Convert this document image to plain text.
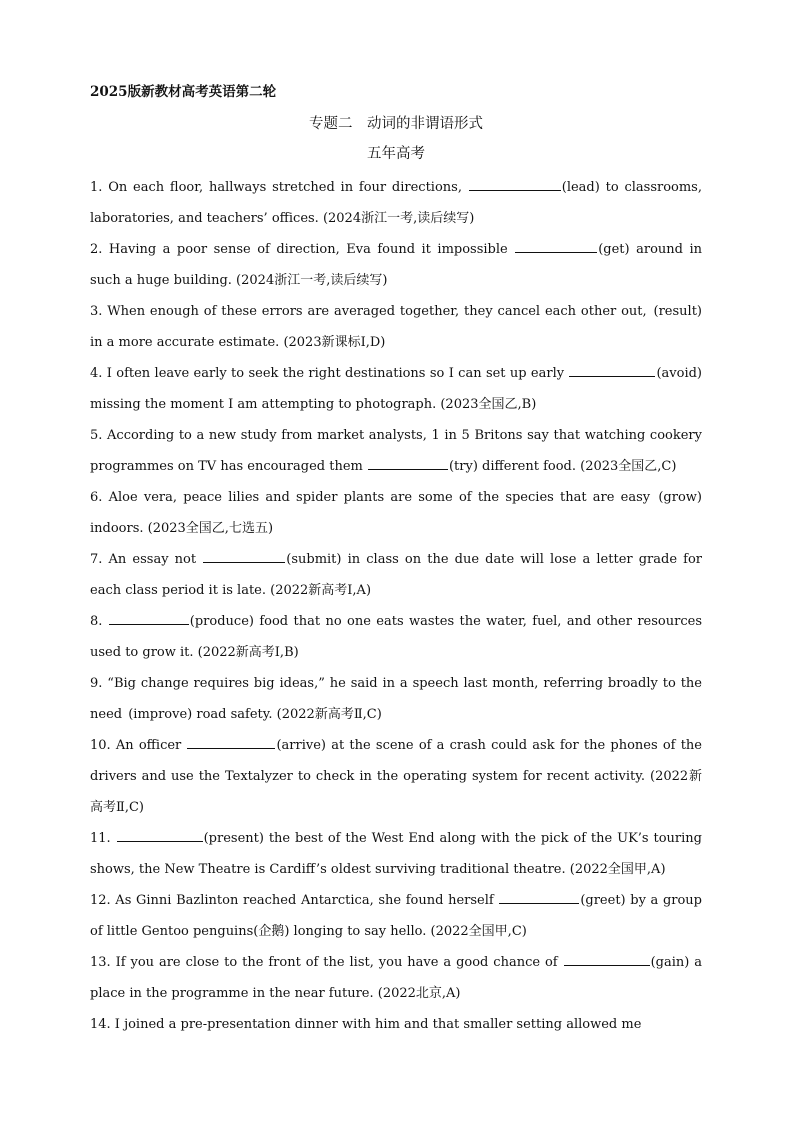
2025版新教材高考英语第二轮

专题二　动词的非谓语形式

五年高考

1. On each floor, hallways stretched in four directions,	(lead) to classrooms, laboratories, and teachers’ offices. (2024浙江一考,读后续写)

2. Having a poor sense of direction, Eva found it impossible	(get) around in such a huge building. (2024浙江一考,读后续写)

3. When enough of these errors are averaged together, they cancel each other out, (result) in a more accurate estimate. (2023新课标Ⅰ,D)

4. I often leave early to seek the right destinations so I can set up early	(avoid) missing the moment I am attempting to photograph. (2023全国乙,B)

5. According to a new study from market analysts, 1 in 5 Britons say that watching cookery programmes on TV has encouraged them	(try) different food. (2023全国乙,C)

6. Aloe vera, peace lilies and spider plants are some of the species that are easy (grow) indoors. (2023全国乙,七选五)

7. An essay not	(submit) in class on the due date will lose a letter grade for each class period it is late. (2022新高考Ⅰ,A)

8.	(produce) food that no one eats wastes the water, fuel, and other resources used to grow it. (2022新高考Ⅰ,B)

9. “Big change requires big ideas,” he said in a speech last month, referring broadly to the need (improve) road safety. (2022新高考Ⅱ,C)

10. An officer	(arrive) at the scene of a crash could ask for the phones of the drivers and use the Textalyzer to check in the operating system for recent activity. (2022新高考Ⅱ,C)

11.	(present) the best of the West End along with the pick of the UK’s touring shows, the New Theatre is Cardiff’s oldest surviving traditional theatre. (2022全国甲,A)

12. As Ginni Bazlinton reached Antarctica, she found herself	(greet) by a group of little Gentoo penguins(企鹅) longing to say hello. (2022全国甲,C)

13. If you are close to the front of the list, you have a good chance of	(gain) a place in the programme in the near future. (2022北京,A)

14. I joined a pre-presentation dinner with him and that smaller setting allowed me
